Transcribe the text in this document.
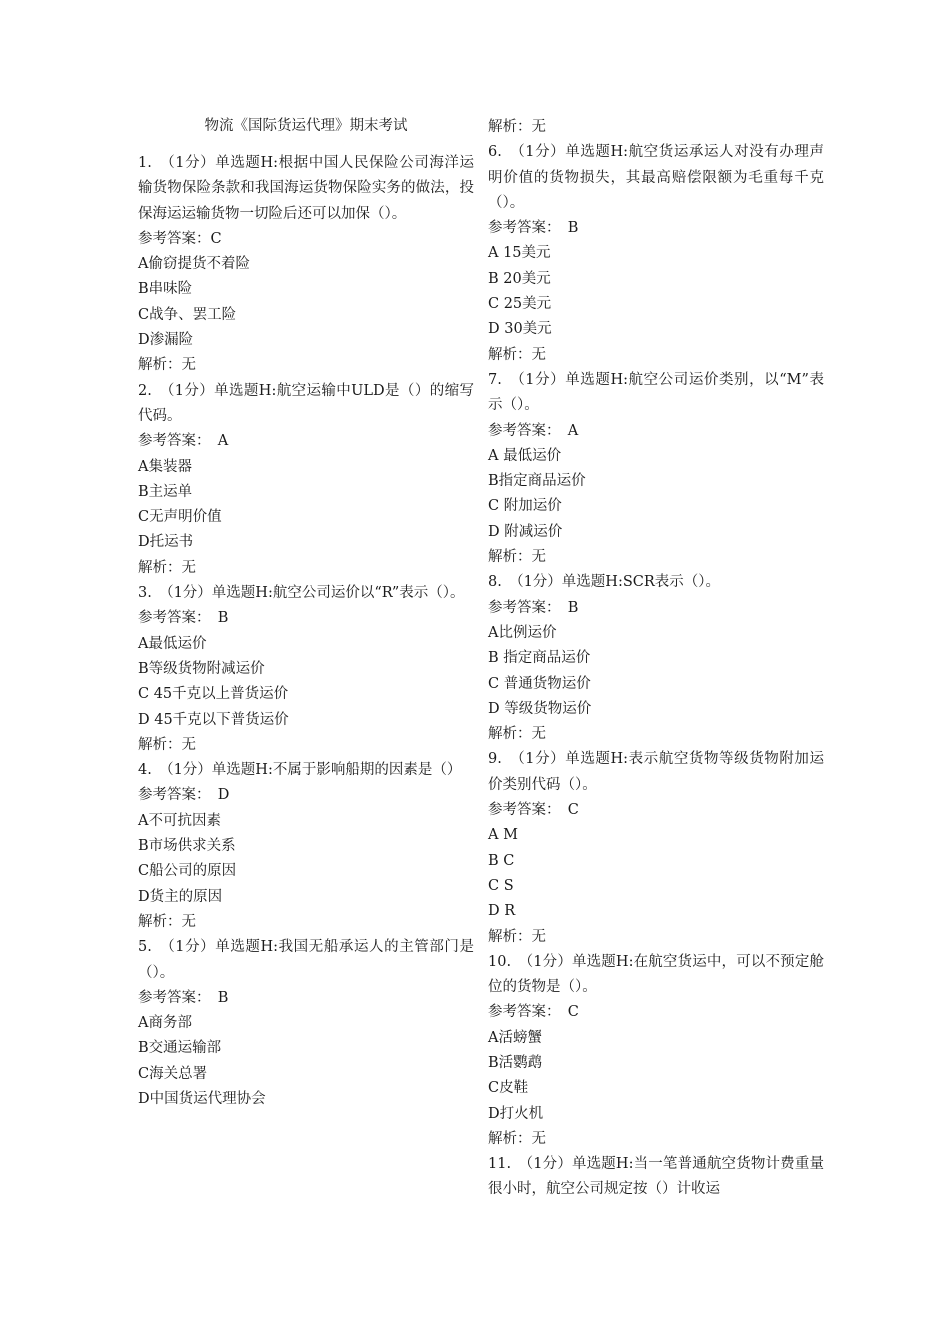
物流《国际货运代理》期末考试
1.　（1分）单选题H:根据中国人民保险公司海洋运输货物保险条款和我国海运货物保险实务的做法，投保海运运输货物一切险后还可以加保（）。
参考答案：C
A偷窃提货不着险
B串味险
C战争、罢工险
D渗漏险
解析：无
2.　（1分）单选题H:航空运输中ULD是（）的缩写代码。
参考答案：　A
A集装器
B主运单
C无声明价值
D托运书
解析：无
3.　（1分）单选题H:航空公司运价以“R”表示（）。
参考答案：　B
A最低运价
B等级货物附减运价
C 45千克以上普货运价
D 45千克以下普货运价
解析：无
4.　（1分）单选题H:不属于影响船期的因素是（）
参考答案：　D
A不可抗因素
B市场供求关系
C船公司的原因
D货主的原因
解析：无
5.　（1分）单选题H:我国无船承运人的主管部门是（）。
参考答案：　B
A商务部
B交通运输部
C海关总署
D中国货运代理协会
解析：无
6.　（1分）单选题H:航空货运承运人对没有办理声明价值的货物损失，其最高赔偿限额为毛重每千克（）。
参考答案：　B
A 15美元
B 20美元
C 25美元
D 30美元
解析：无
7.　（1分）单选题H:航空公司运价类别，以“M”表示（）。
参考答案：　A
A 最低运价
B指定商品运价
C 附加运价
D 附减运价
解析：无
8.　（1分）单选题H:SCR表示（）。
参考答案：　B
A比例运价
B 指定商品运价
C 普通货物运价
D 等级货物运价
解析：无
9.　（1分）单选题H:表示航空货物等级货物附加运价类别代码（）。
参考答案：　C
A M
B C
C S
D R
解析：无
10.　（1分）单选题H:在航空货运中，可以不预定舱位的货物是（）。
参考答案：　C
A活螃蟹
B活鹦鹉
C皮鞋
D打火机
解析：无
11.　（1分）单选题H:当一笔普通航空货物计费重量很小时，航空公司规定按（）计收运
